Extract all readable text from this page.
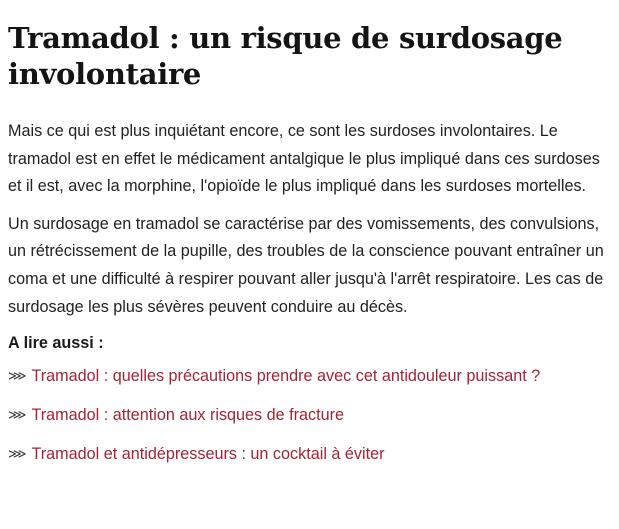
Tramadol : un risque de surdosage involontaire

Mais ce qui est plus inquiétant encore, ce sont les surdoses involontaires. Le tramadol est en effet le médicament antalgique le plus impliqué dans ces surdoses et il est, avec la morphine, l'opioïde le plus impliqué dans les surdoses mortelles.

Un surdosage en tramadol se caractérise par des vomissements, des convulsions, un rétrécissement de la pupille, des troubles de la conscience pouvant entraîner un coma et une difficulté à respirer pouvant aller jusqu'à l'arrêt respiratoire. Les cas de surdosage les plus sévères peuvent conduire au décès.

A lire aussi :

⋙ Tramadol : quelles précautions prendre avec cet antidouleur puissant ?
⋙ Tramadol : attention aux risques de fracture
⋙ Tramadol et antidépresseurs : un cocktail à éviter
